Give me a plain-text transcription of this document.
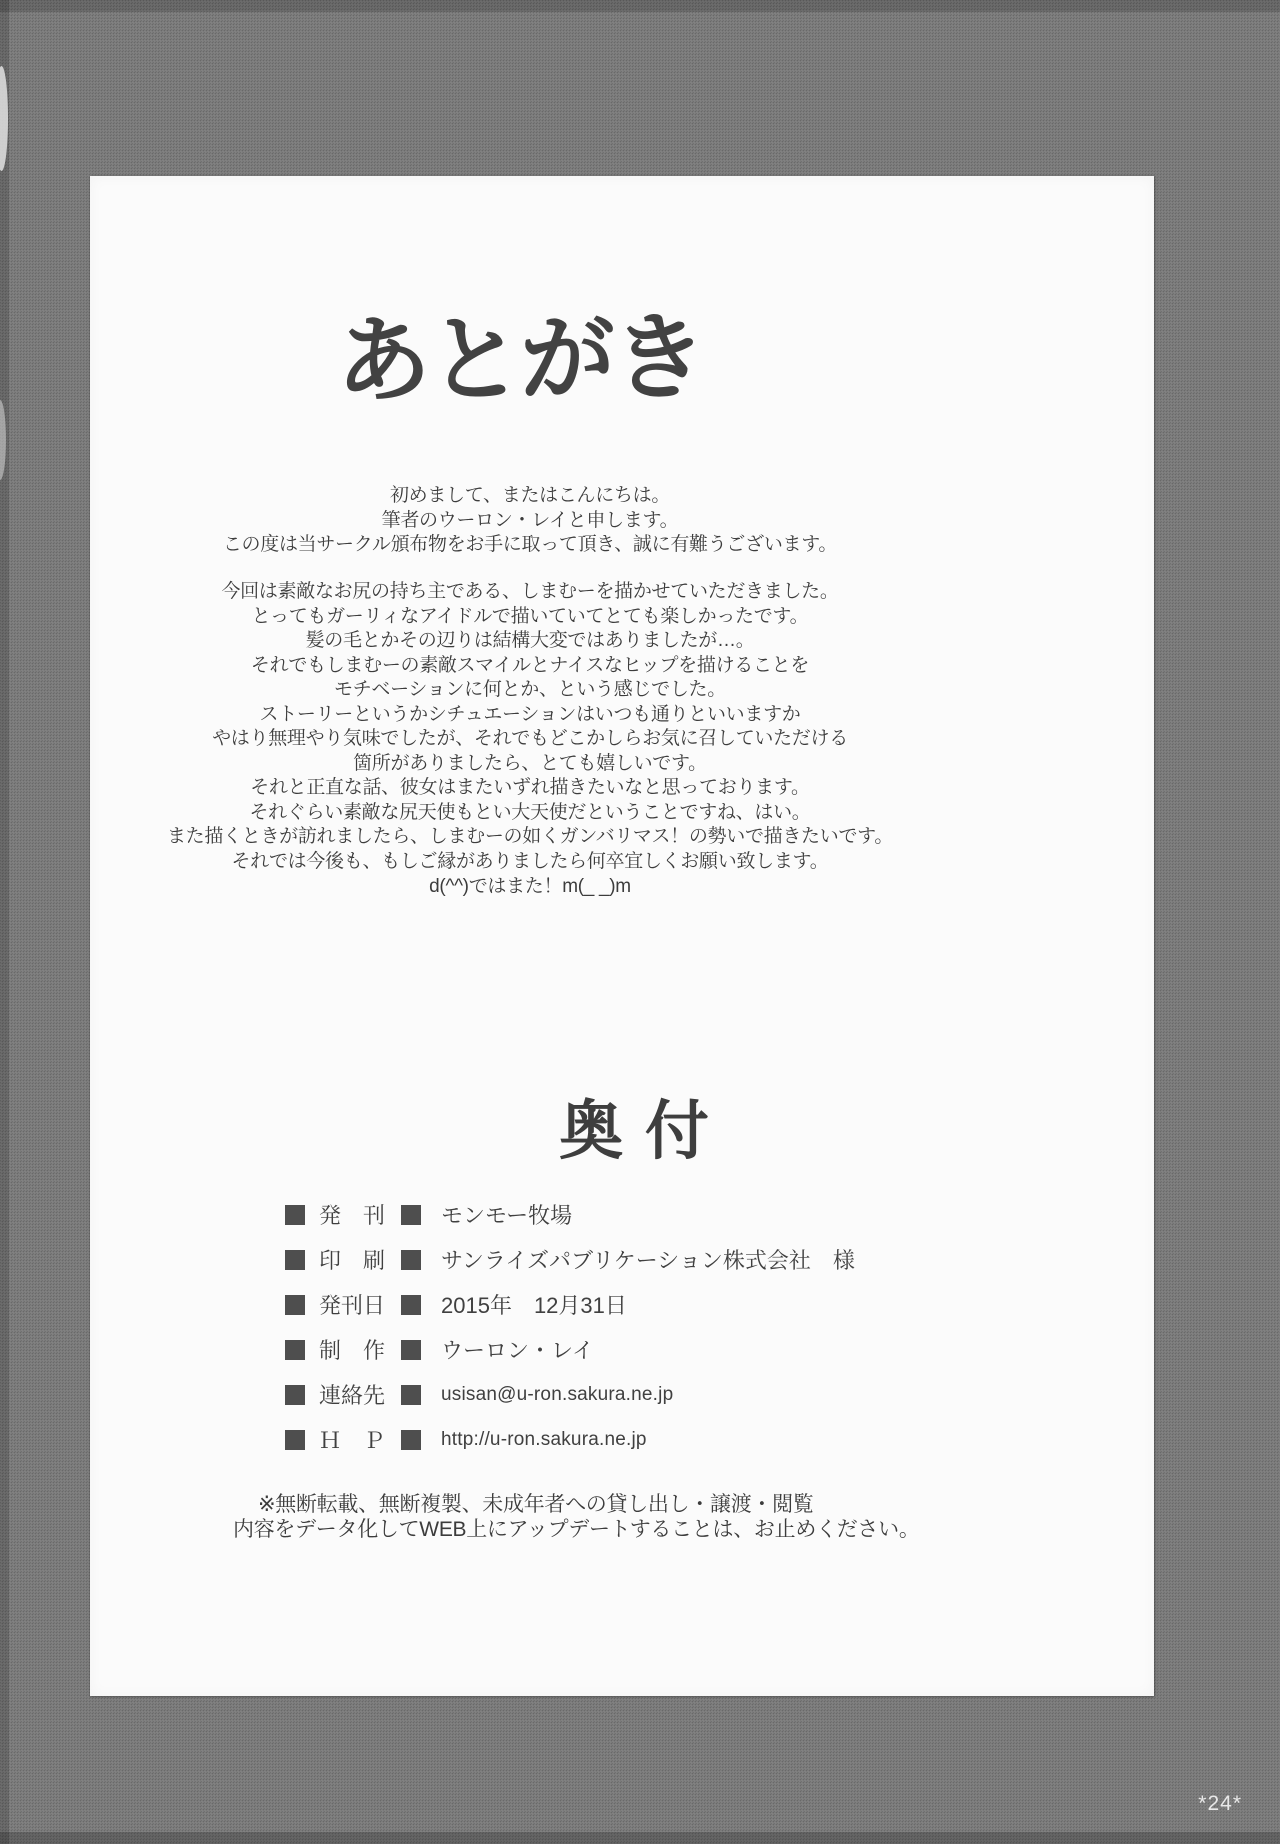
あとがき
初めまして、またはこんにちは。
筆者のウーロン・レイと申します。
この度は当サークル頒布物をお手に取って頂き、誠に有難うございます。
今回は素敵なお尻の持ち主である、しまむーを描かせていただきました。
とってもガーリィなアイドルで描いていてとても楽しかったです。
髪の毛とかその辺りは結構大変ではありましたが…。
それでもしまむーの素敵スマイルとナイスなヒップを描けることを
モチベーションに何とか、という感じでした。
ストーリーというかシチュエーションはいつも通りといいますか
やはり無理やり気味でしたが、それでもどこかしらお気に召していただける
箇所がありましたら、とても嬉しいです。
それと正直な話、彼女はまたいずれ描きたいなと思っております。
それぐらい素敵な尻天使もとい大天使だということですね、はい。
また描くときが訪れましたら、しまむーの如くガンバリマス！の勢いで描きたいです。
それでは今後も、もしご縁がありましたら何卒宜しくお願い致します。
d(^^)ではまた！m(_ _)m
奥 付
発　刊	モンモー牧場
印　刷	サンライズパブリケーション株式会社　様
発刊日	2015年　12月31日
制　作	ウーロン・レイ
連絡先	usisan@u-ron.sakura.ne.jp
Ｈ　Ｐ	http://u-ron.sakura.ne.jp
※無断転載、無断複製、未成年者への貸し出し・譲渡・閲覧
内容をデータ化してWEB上にアップデートすることは、お止めください。
*24*
